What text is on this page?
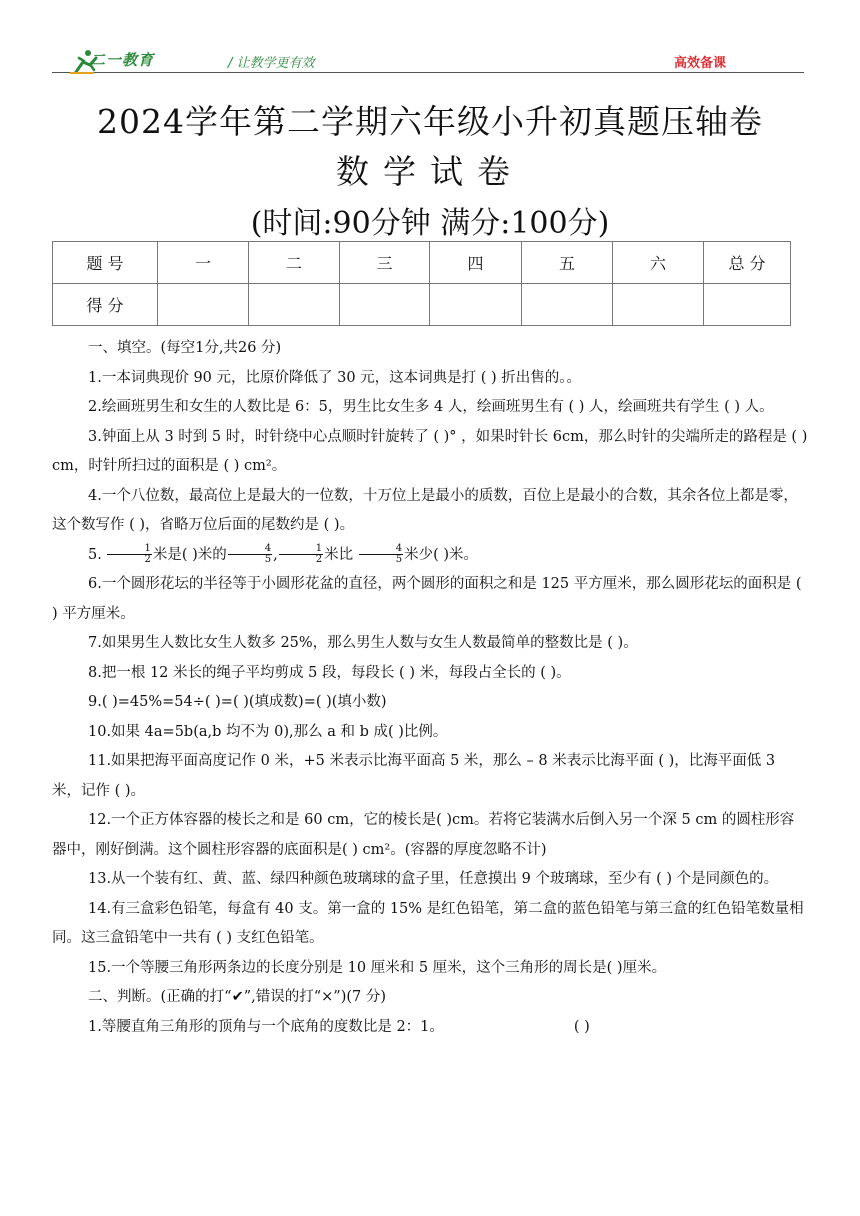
二一教育	/ 让教学更有效	高效备课
2024学年第二学期六年级小升初真题压轴卷
数学试卷
(时间:90分钟 满分:100分)
题 号	一	二	三	四	五	六	总 分
得 分							

一、填空。(每空1分,共26 分)

1.一本词典现价 90 元，比原价降低了 30 元，这本词典是打 ( ) 折出售的。。

2.绘画班男生和女生的人数比是 6：5，男生比女生多 4 人，绘画班男生有 ( ) 人，绘画班共有学生 ( ) 人。

3.钟面上从 3 时到 5 时，时针绕中心点顺时针旋转了 ( )° ，如果时针长 6cm，那么时针的尖端所走的路程是 ( ) cm，时针所扫过的面积是 ( ) cm²。

4.一个八位数，最高位上是最大的一位数，十万位上是最小的质数，百位上是最小的合数，其余各位上都是零，这个数写作 ( )，省略万位后面的尾数约是 ( )。

5. $\frac{1}{2}$ 米是( )米的 $\frac{4}{5}$ , $\frac{1}{2}$ 米比 $\frac{4}{5}$ 米少( )米。

6.一个圆形花坛的半径等于小圆形花盆的直径，两个圆形的面积之和是 125 平方厘米，那么圆形花坛的面积是 ( ) 平方厘米。

7.如果男生人数比女生人数多 25%，那么男生人数与女生人数最简单的整数比是 ( )。

8.把一根 12 米长的绳子平均剪成 5 段，每段长 ( ) 米，每段占全长的 ( )。

9.( )=45%=54÷( )=( )(填成数)=( )(填小数)

10.如果 4a=5b(a,b 均不为 0),那么 a 和 b 成( )比例。

11.如果把海平面高度记作 0 米，+5 米表示比海平面高 5 米，那么 – 8 米表示比海平面 ( )，比海平面低 3 米，记作 ( )。

12.一个正方体容器的棱长之和是 60 cm，它的棱长是( )cm。若将它装满水后倒入另一个深 5 cm 的圆柱形容器中，刚好倒满。这个圆柱形容器的底面积是( ) cm²。(容器的厚度忽略不计)

13.从一个装有红、黄、蓝、绿四种颜色玻璃球的盒子里，任意摸出 9 个玻璃球，至少有 ( ) 个是同颜色的。

14.有三盒彩色铅笔，每盒有 40 支。第一盒的 15% 是红色铅笔，第二盒的蓝色铅笔与第三盒的红色铅笔数量相同。这三盒铅笔中一共有 ( ) 支红色铅笔。

15.一个等腰三角形两条边的长度分别是 10 厘米和 5 厘米，这个三角形的周长是( )厘米。

二、判断。(正确的打“✔”,错误的打“×”)(7 分)

1.等腰直角三角形的顶角与一个底角的度数比是 2：1。	( )
